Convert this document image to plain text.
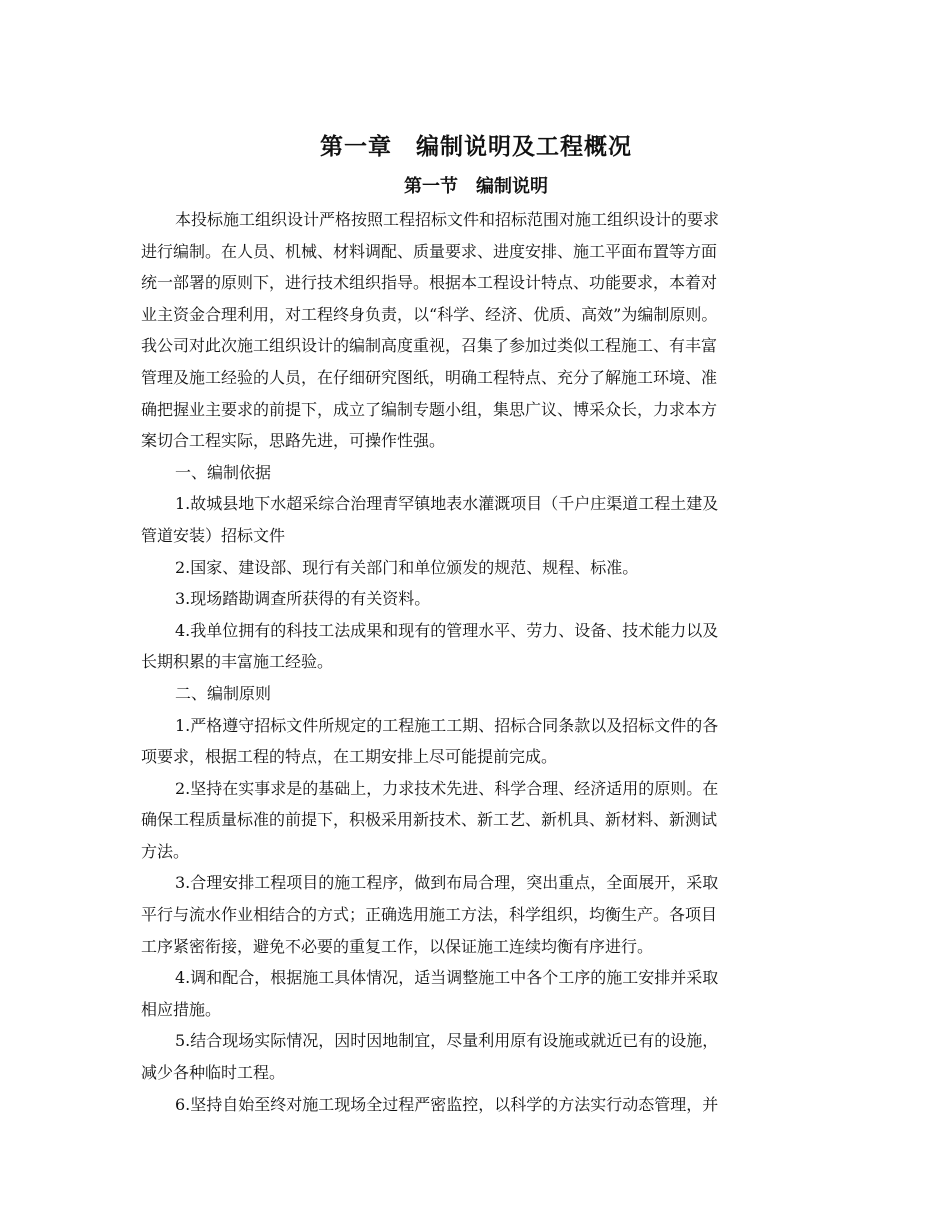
第一章 编制说明及工程概况
第一节 编制说明

本投标施工组织设计严格按照工程招标文件和招标范围对施工组织设计的要求
进行编制。在人员、机械、材料调配、质量要求、进度安排、施工平面布置等方面
统一部署的原则下，进行技术组织指导。根据本工程设计特点、功能要求，本着对
业主资金合理利用，对工程终身负责，以“科学、经济、优质、高效”为编制原则。
我公司对此次施工组织设计的编制高度重视，召集了参加过类似工程施工、有丰富
管理及施工经验的人员，在仔细研究图纸，明确工程特点、充分了解施工环境、准
确把握业主要求的前提下，成立了编制专题小组，集思广议、博采众长，力求本方
案切合工程实际，思路先进，可操作性强。

一、编制依据

1.故城县地下水超采综合治理青罕镇地表水灌溉项目（千户庄渠道工程土建及
管道安装）招标文件

2.国家、建设部、现行有关部门和单位颁发的规范、规程、标准。

3.现场踏勘调查所获得的有关资料。

4.我单位拥有的科技工法成果和现有的管理水平、劳力、设备、技术能力以及
长期积累的丰富施工经验。

二、编制原则

1.严格遵守招标文件所规定的工程施工工期、招标合同条款以及招标文件的各
项要求，根据工程的特点，在工期安排上尽可能提前完成。

2.坚持在实事求是的基础上，力求技术先进、科学合理、经济适用的原则。在
确保工程质量标准的前提下，积极采用新技术、新工艺、新机具、新材料、新测试
方法。

3.合理安排工程项目的施工程序，做到布局合理，突出重点，全面展开，采取
平行与流水作业相结合的方式；正确选用施工方法，科学组织，均衡生产。各项目
工序紧密衔接，避免不必要的重复工作，以保证施工连续均衡有序进行。

4.调和配合，根据施工具体情况，适当调整施工中各个工序的施工安排并采取
相应措施。

5.结合现场实际情况，因时因地制宜，尽量利用原有设施或就近已有的设施，
减少各种临时工程。

6.坚持自始至终对施工现场全过程严密监控，以科学的方法实行动态管理，并
